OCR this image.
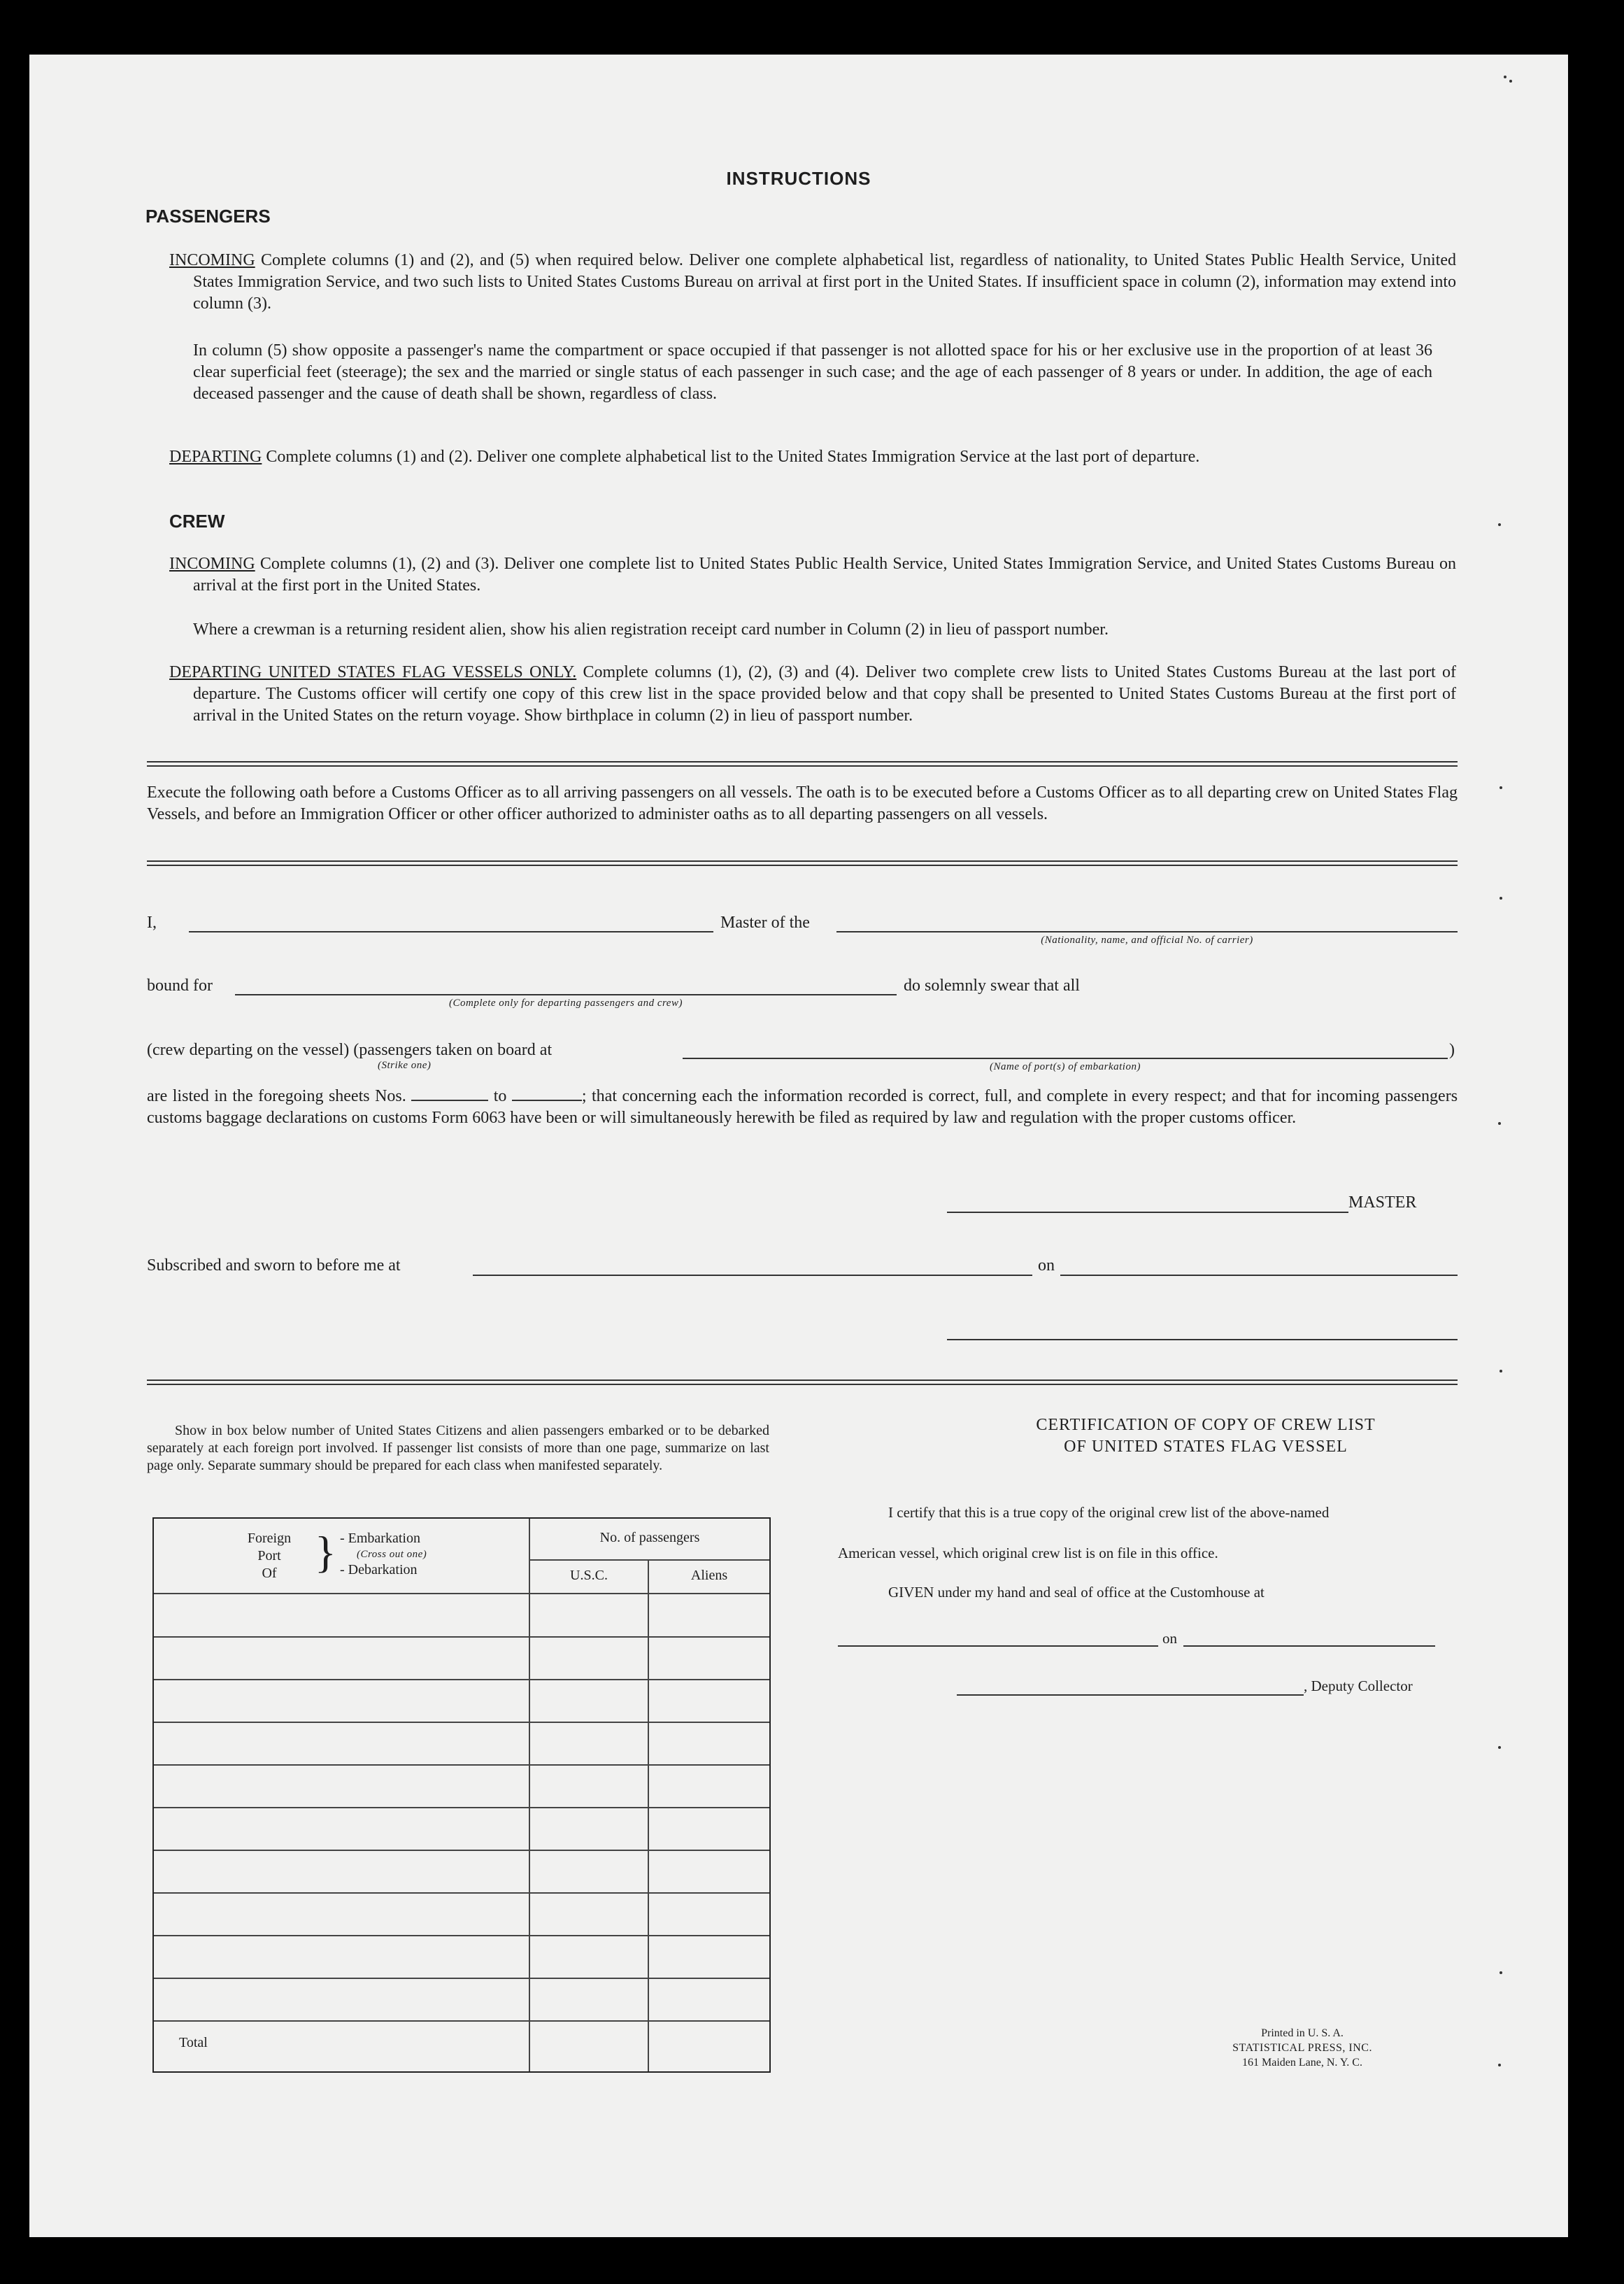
INSTRUCTIONS
PASSENGERS
INCOMING Complete columns (1) and (2), and (5) when required below. Deliver one complete alphabetical list, regardless of nationality, to United States Public Health Service, United States Immigration Service, and two such lists to United States Customs Bureau on arrival at first port in the United States. If insufficient space in column (2), information may extend into column (3).
In column (5) show opposite a passenger's name the compartment or space occupied if that passenger is not allotted space for his or her exclusive use in the proportion of at least 36 clear superficial feet (steerage); the sex and the married or single status of each passenger in such case; and the age of each passenger of 8 years or under. In addition, the age of each deceased passenger and the cause of death shall be shown, regardless of class.
DEPARTING Complete columns (1) and (2). Deliver one complete alphabetical list to the United States Immigration Service at the last port of departure.
CREW
INCOMING Complete columns (1), (2) and (3). Deliver one complete list to United States Public Health Service, United States Immigration Service, and United States Customs Bureau on arrival at the first port in the United States.
Where a crewman is a returning resident alien, show his alien registration receipt card number in Column (2) in lieu of passport number.
DEPARTING UNITED STATES FLAG VESSELS ONLY. Complete columns (1), (2), (3) and (4). Deliver two complete crew lists to United States Customs Bureau at the last port of departure. The Customs officer will certify one copy of this crew list in the space provided below and that copy shall be presented to United States Customs Bureau at the first port of arrival in the United States on the return voyage. Show birthplace in column (2) in lieu of passport number.
Execute the following oath before a Customs Officer as to all arriving passengers on all vessels. The oath is to be executed before a Customs Officer as to all departing crew on United States Flag Vessels, and before an Immigration Officer or other officer authorized to administer oaths as to all departing passengers on all vessels.
I,	Master of the
(Nationality, name, and official No. of carrier)
bound for
(Complete only for departing passengers and crew)
do solemnly swear that all
(crew departing on the vessel) (passengers taken on board at
(Strike one)	(Name of port(s) of embarkation)
)
are listed in the foregoing sheets Nos.	to	; that concerning each the information recorded is correct, full, and complete in every respect; and that for incoming passengers customs baggage declarations on customs Form 6063 have been or will simultaneously herewith be filed as required by law and regulation with the proper customs officer.
MASTER
Subscribed and sworn to before me at	on
Show in box below number of United States Citizens and alien passengers embarked or to be debarked separately at each foreign port involved. If passenger list consists of more than one page, summarize on last page only. Separate summary should be prepared for each class when manifested separately.
Foreign
Port
Of } - Embarkation
(Cross out one)
- Debarkation
No. of passengers
U.S.C.	Aliens
Total
CERTIFICATION OF COPY OF CREW LIST
OF UNITED STATES FLAG VESSEL
I certify that this is a true copy of the original crew list of the above-named
American vessel, which original crew list is on file in this office.
GIVEN under my hand and seal of office at the Customhouse at
on
, Deputy Collector
Printed in U. S. A.
STATISTICAL PRESS, INC.
161 Maiden Lane, N. Y. C.
